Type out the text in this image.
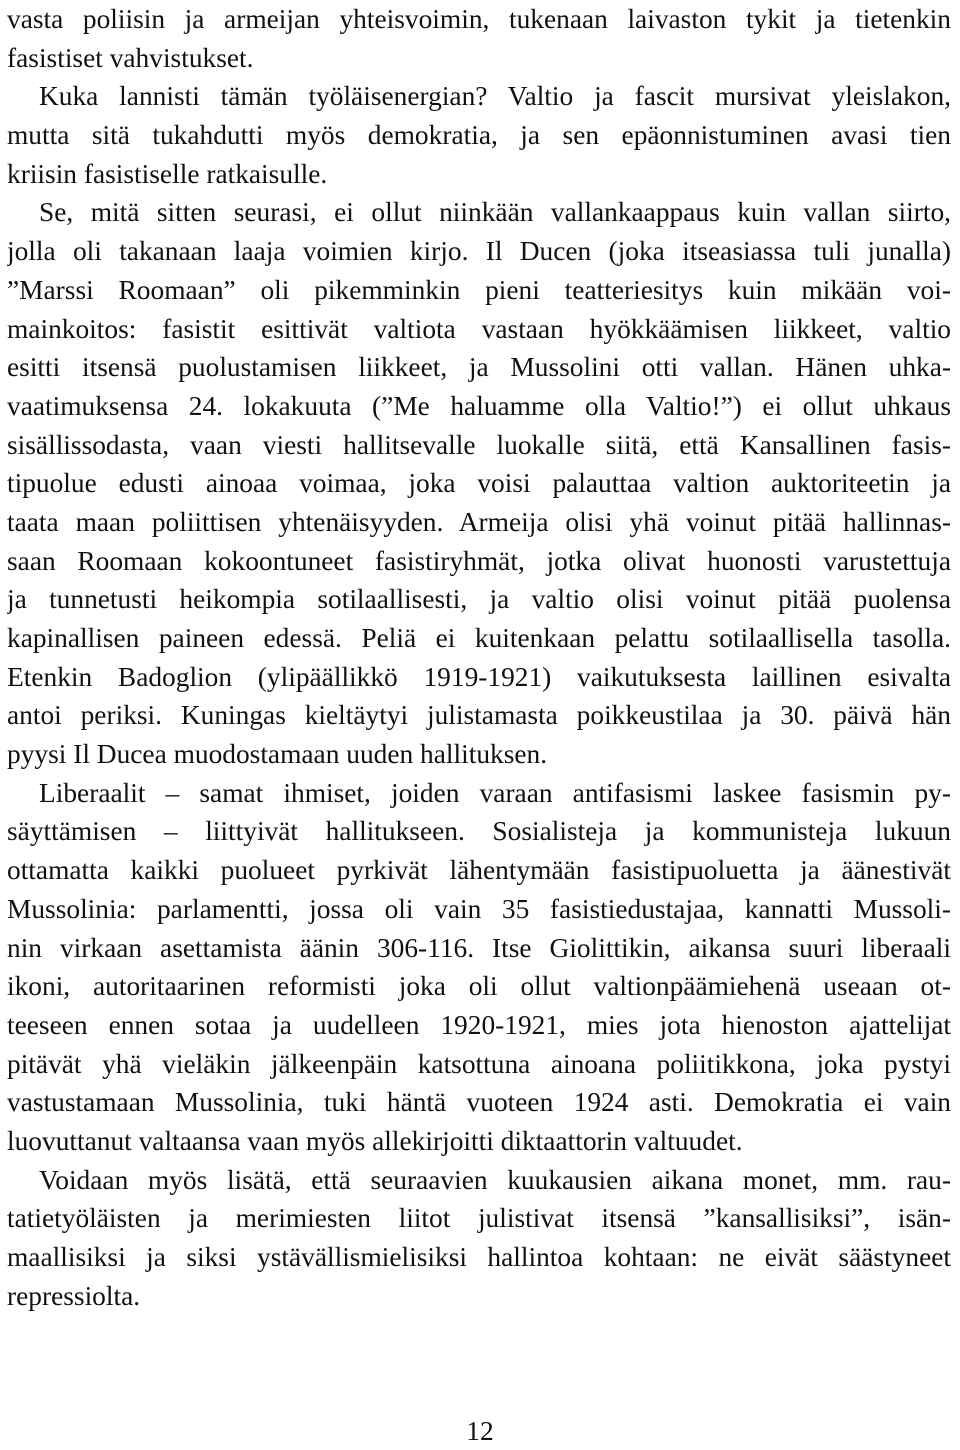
vasta poliisin ja armeijan yhteisvoimin, tukenaan laivaston tykit ja tietenkin
fasistiset vahvistukset.
Kuka lannisti tämän työläisenergian? Valtio ja fascit mursivat yleislakon,
mutta sitä tukahdutti myös demokratia, ja sen epäonnistuminen avasi tien
kriisin fasistiselle ratkaisulle.
Se, mitä sitten seurasi, ei ollut niinkään vallankaappaus kuin vallan siirto,
jolla oli takanaan laaja voimien kirjo. Il Ducen (joka itseasiassa tuli junalla)
”Marssi Roomaan” oli pikemminkin pieni teatteriesitys kuin mikään voi-
mainkoitos: fasistit esittivät valtiota vastaan hyökkäämisen liikkeet, valtio
esitti itsensä puolustamisen liikkeet, ja Mussolini otti vallan. Hänen uhka-
vaatimuksensa 24. lokakuuta (”Me haluamme olla Valtio!”) ei ollut uhkaus
sisällissodasta, vaan viesti hallitsevalle luokalle siitä, että Kansallinen fasis-
tipuolue edusti ainoaa voimaa, joka voisi palauttaa valtion auktoriteetin ja
taata maan poliittisen yhtenäisyyden. Armeija olisi yhä voinut pitää hallinnas-
saan Roomaan kokoontuneet fasistiryhmät, jotka olivat huonosti varustettuja
ja tunnetusti heikompia sotilaallisesti, ja valtio olisi voinut pitää puolensa
kapinallisen paineen edessä. Peliä ei kuitenkaan pelattu sotilaallisella tasolla.
Etenkin Badoglion (ylipäällikkö 1919-1921) vaikutuksesta laillinen esivalta
antoi periksi. Kuningas kieltäytyi julistamasta poikkeustilaa ja 30. päivä hän
pyysi Il Ducea muodostamaan uuden hallituksen.
Liberaalit – samat ihmiset, joiden varaan antifasismi laskee fasismin py-
säyttämisen – liittyivät hallitukseen. Sosialisteja ja kommunisteja lukuun
ottamatta kaikki puolueet pyrkivät lähentymään fasistipuoluetta ja äänestivät
Mussolinia: parlamentti, jossa oli vain 35 fasistiedustajaa, kannatti Mussoli-
nin virkaan asettamista äänin 306-116. Itse Giolittikin, aikansa suuri liberaali
ikoni, autoritaarinen reformisti joka oli ollut valtionpäämiehenä useaan ot-
teeseen ennen sotaa ja uudelleen 1920-1921, mies jota hienoston ajattelijat
pitävät yhä vieläkin jälkeenpäin katsottuna ainoana poliitikkona, joka pystyi
vastustamaan Mussolinia, tuki häntä vuoteen 1924 asti. Demokratia ei vain
luovuttanut valtaansa vaan myös allekirjoitti diktaattorin valtuudet.
Voidaan myös lisätä, että seuraavien kuukausien aikana monet, mm. rau-
tatietyöläisten ja merimiesten liitot julistivat itsensä ”kansallisiksi”, isän-
maallisiksi ja siksi ystävällismielisiksi hallintoa kohtaan: ne eivät säästyneet
repressiolta.
12
